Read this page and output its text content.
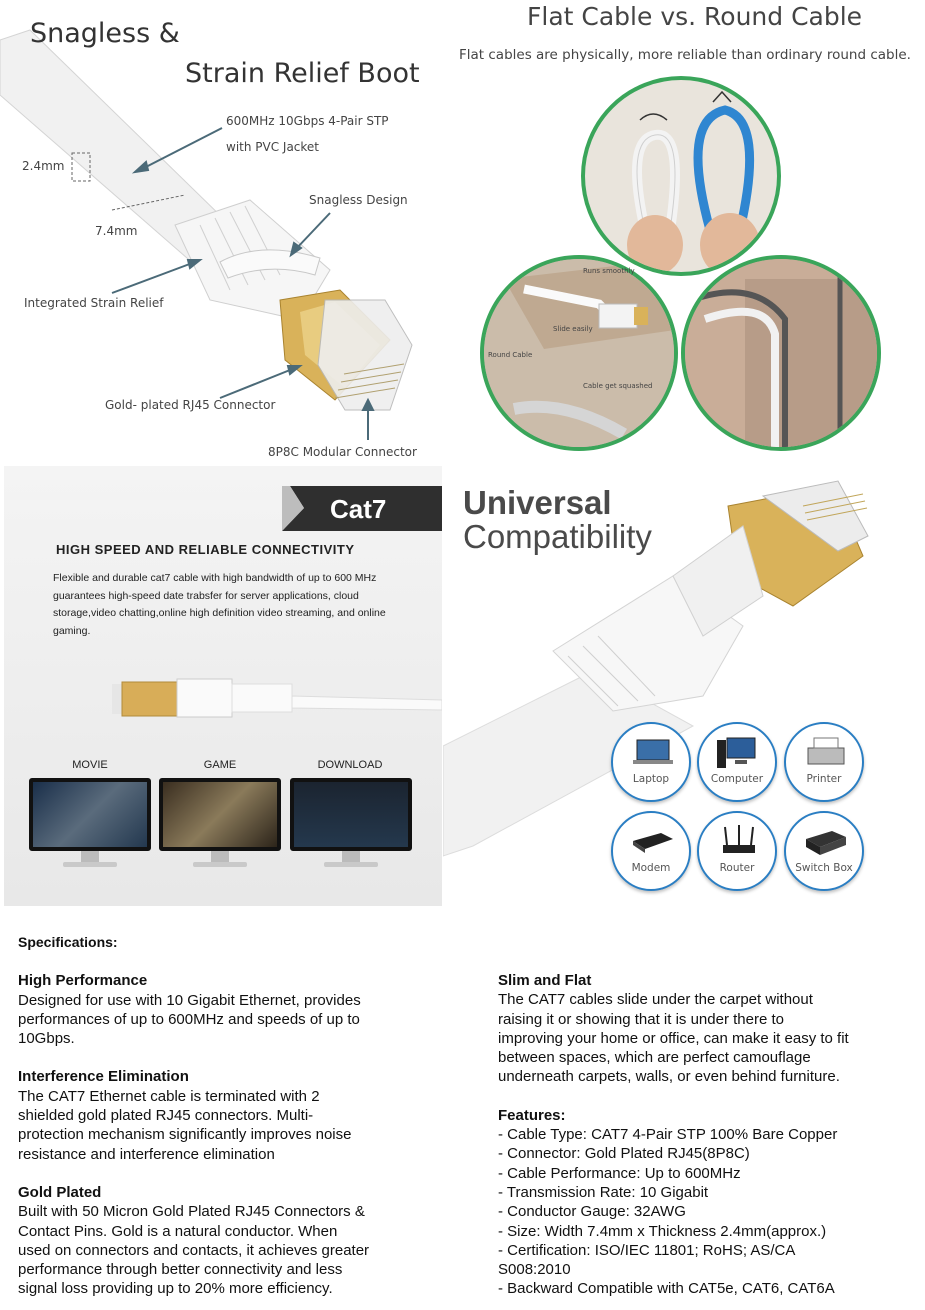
Snagless &
Strain Relief Boot
600MHz 10Gbps 4-Pair STP
with PVC Jacket
2.4mm
7.4mm
Snagless Design
Integrated Strain Relief
Gold- plated RJ45 Connector
8P8C Modular Connector
Flat Cable vs. Round Cable
Flat cables are physically, more reliable than ordinary round cable.
Runs smoothly
Slide easily
Round Cable
Cable get squashed
Cat7
HIGH SPEED AND RELIABLE CONNECTIVITY
Flexible and durable cat7 cable with high bandwidth of up to 600 MHz guarantees high-speed date trabsfer for server applications, cloud storage,video chatting,online high definition video streaming, and online gaming.
MOVIE	GAME	DOWNLOAD
Universal
Compatibility
Laptop	Computer	Printer
Modem	Router	Switch Box
Specifications:
High Performance
Designed for use with 10 Gigabit Ethernet, provides
performances of up to 600MHz and speeds of up to
10Gbps.
Interference Elimination
The CAT7 Ethernet cable is terminated with 2
shielded gold plated RJ45 connectors. Multi-
protection mechanism significantly improves noise
resistance and interference elimination
Gold Plated
Built with 50 Micron Gold Plated RJ45 Connectors &
Contact Pins. Gold is a natural conductor. When
used on connectors and contacts, it achieves greater
performance through better connectivity and less
signal loss providing up to 20% more efficiency.
Slim and Flat
The CAT7 cables slide under the carpet without
raising it or showing that it is under there to
improving your home or office, can make it easy to fit
between spaces, which are perfect camouflage
underneath carpets, walls, or even behind furniture.
Features:
- Cable Type: CAT7 4-Pair STP 100% Bare Copper
- Connector: Gold Plated RJ45(8P8C)
- Cable Performance: Up to 600MHz
- Transmission Rate: 10 Gigabit
- Conductor Gauge: 32AWG
- Size: Width 7.4mm x Thickness 2.4mm(approx.)
- Certification: ISO/IEC 11801; RoHS; AS/CA
S008:2010
- Backward Compatible with CAT5e, CAT6, CAT6A
